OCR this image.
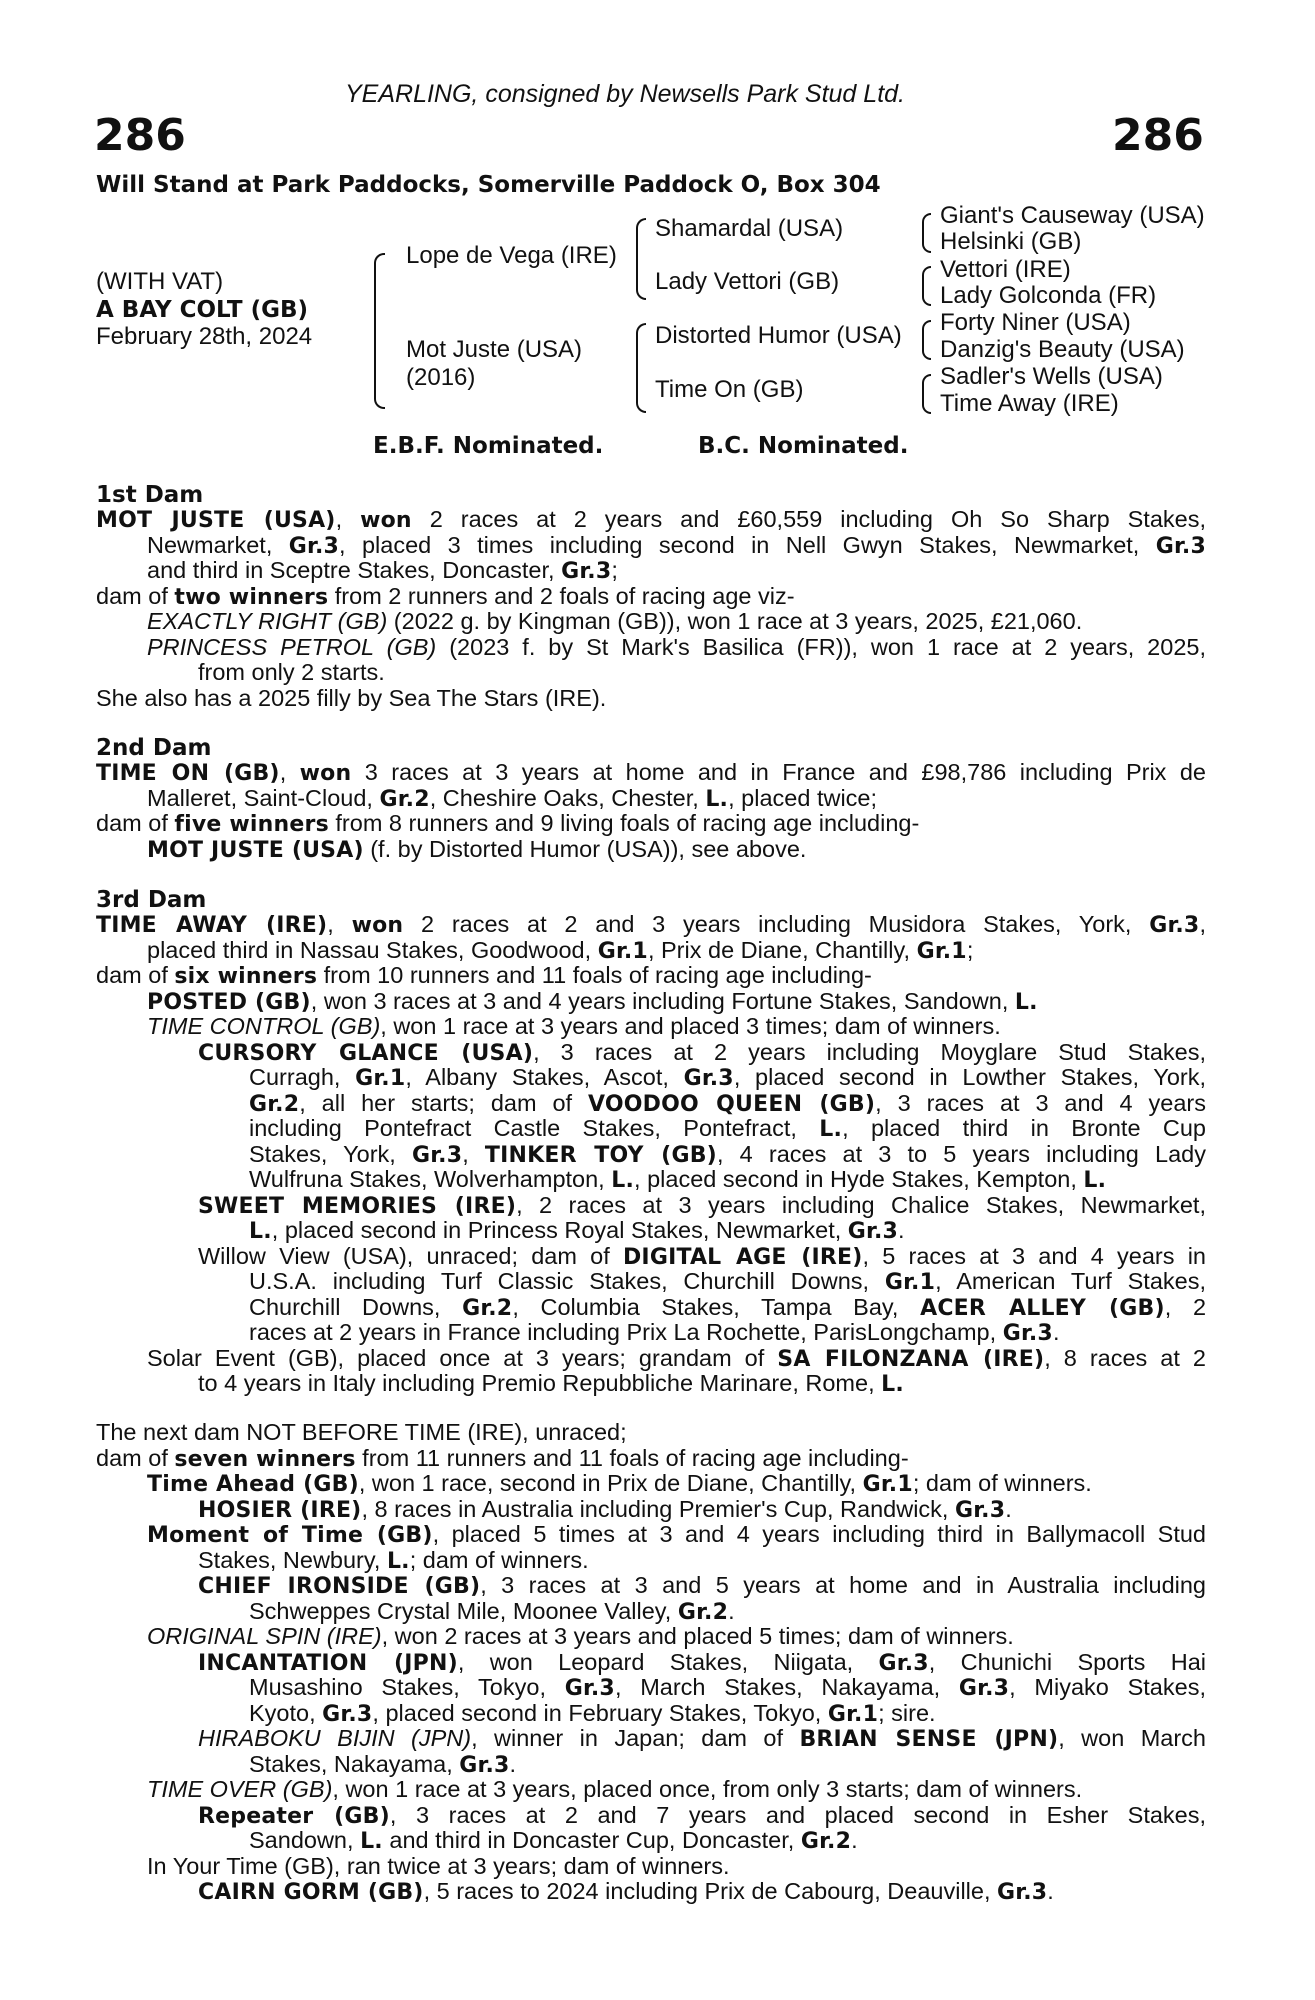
YEARLING, consigned by Newsells Park Stud Ltd.
286	286
Will Stand at Park Paddocks, Somerville Paddock O, Box 304
(WITH VAT)
A BAY COLT (GB)
February 28th, 2024
Lope de Vega (IRE)
Mot Juste (USA)
(2016)
Shamardal (USA)
Lady Vettori (GB)
Distorted Humor (USA)
Time On (GB)
Giant's Causeway (USA)
Helsinki (GB)
Vettori (IRE)
Lady Golconda (FR)
Forty Niner (USA)
Danzig's Beauty (USA)
Sadler's Wells (USA)
Time Away (IRE)
E.B.F. Nominated.	B.C. Nominated.
1st Dam
MOT JUSTE (USA), won 2 races at 2 years and £60,559 including Oh So Sharp Stakes,
Newmarket, Gr.3, placed 3 times including second in Nell Gwyn Stakes, Newmarket, Gr.3
and third in Sceptre Stakes, Doncaster, Gr.3;
dam of two winners from 2 runners and 2 foals of racing age viz-
EXACTLY RIGHT (GB) (2022 g. by Kingman (GB)), won 1 race at 3 years, 2025, £21,060.
PRINCESS PETROL (GB) (2023 f. by St Mark's Basilica (FR)), won 1 race at 2 years, 2025,
from only 2 starts.
She also has a 2025 filly by Sea The Stars (IRE).
2nd Dam
TIME ON (GB), won 3 races at 3 years at home and in France and £98,786 including Prix de
Malleret, Saint-Cloud, Gr.2, Cheshire Oaks, Chester, L., placed twice;
dam of five winners from 8 runners and 9 living foals of racing age including-
MOT JUSTE (USA) (f. by Distorted Humor (USA)), see above.
3rd Dam
TIME AWAY (IRE), won 2 races at 2 and 3 years including Musidora Stakes, York, Gr.3,
placed third in Nassau Stakes, Goodwood, Gr.1, Prix de Diane, Chantilly, Gr.1;
dam of six winners from 10 runners and 11 foals of racing age including-
POSTED (GB), won 3 races at 3 and 4 years including Fortune Stakes, Sandown, L.
TIME CONTROL (GB), won 1 race at 3 years and placed 3 times; dam of winners.
CURSORY GLANCE (USA), 3 races at 2 years including Moyglare Stud Stakes,
Curragh, Gr.1, Albany Stakes, Ascot, Gr.3, placed second in Lowther Stakes, York,
Gr.2, all her starts; dam of VOODOO QUEEN (GB), 3 races at 3 and 4 years
including Pontefract Castle Stakes, Pontefract, L., placed third in Bronte Cup
Stakes, York, Gr.3, TINKER TOY (GB), 4 races at 3 to 5 years including Lady
Wulfruna Stakes, Wolverhampton, L., placed second in Hyde Stakes, Kempton, L.
SWEET MEMORIES (IRE), 2 races at 3 years including Chalice Stakes, Newmarket,
L., placed second in Princess Royal Stakes, Newmarket, Gr.3.
Willow View (USA), unraced; dam of DIGITAL AGE (IRE), 5 races at 3 and 4 years in
U.S.A. including Turf Classic Stakes, Churchill Downs, Gr.1, American Turf Stakes,
Churchill Downs, Gr.2, Columbia Stakes, Tampa Bay, ACER ALLEY (GB), 2
races at 2 years in France including Prix La Rochette, ParisLongchamp, Gr.3.
Solar Event (GB), placed once at 3 years; grandam of SA FILONZANA (IRE), 8 races at 2
to 4 years in Italy including Premio Repubbliche Marinare, Rome, L.
The next dam NOT BEFORE TIME (IRE), unraced;
dam of seven winners from 11 runners and 11 foals of racing age including-
Time Ahead (GB), won 1 race, second in Prix de Diane, Chantilly, Gr.1; dam of winners.
HOSIER (IRE), 8 races in Australia including Premier's Cup, Randwick, Gr.3.
Moment of Time (GB), placed 5 times at 3 and 4 years including third in Ballymacoll Stud
Stakes, Newbury, L.; dam of winners.
CHIEF IRONSIDE (GB), 3 races at 3 and 5 years at home and in Australia including
Schweppes Crystal Mile, Moonee Valley, Gr.2.
ORIGINAL SPIN (IRE), won 2 races at 3 years and placed 5 times; dam of winners.
INCANTATION (JPN), won Leopard Stakes, Niigata, Gr.3, Chunichi Sports Hai
Musashino Stakes, Tokyo, Gr.3, March Stakes, Nakayama, Gr.3, Miyako Stakes,
Kyoto, Gr.3, placed second in February Stakes, Tokyo, Gr.1; sire.
HIRABOKU BIJIN (JPN), winner in Japan; dam of BRIAN SENSE (JPN), won March
Stakes, Nakayama, Gr.3.
TIME OVER (GB), won 1 race at 3 years, placed once, from only 3 starts; dam of winners.
Repeater (GB), 3 races at 2 and 7 years and placed second in Esher Stakes,
Sandown, L. and third in Doncaster Cup, Doncaster, Gr.2.
In Your Time (GB), ran twice at 3 years; dam of winners.
CAIRN GORM (GB), 5 races to 2024 including Prix de Cabourg, Deauville, Gr.3.
